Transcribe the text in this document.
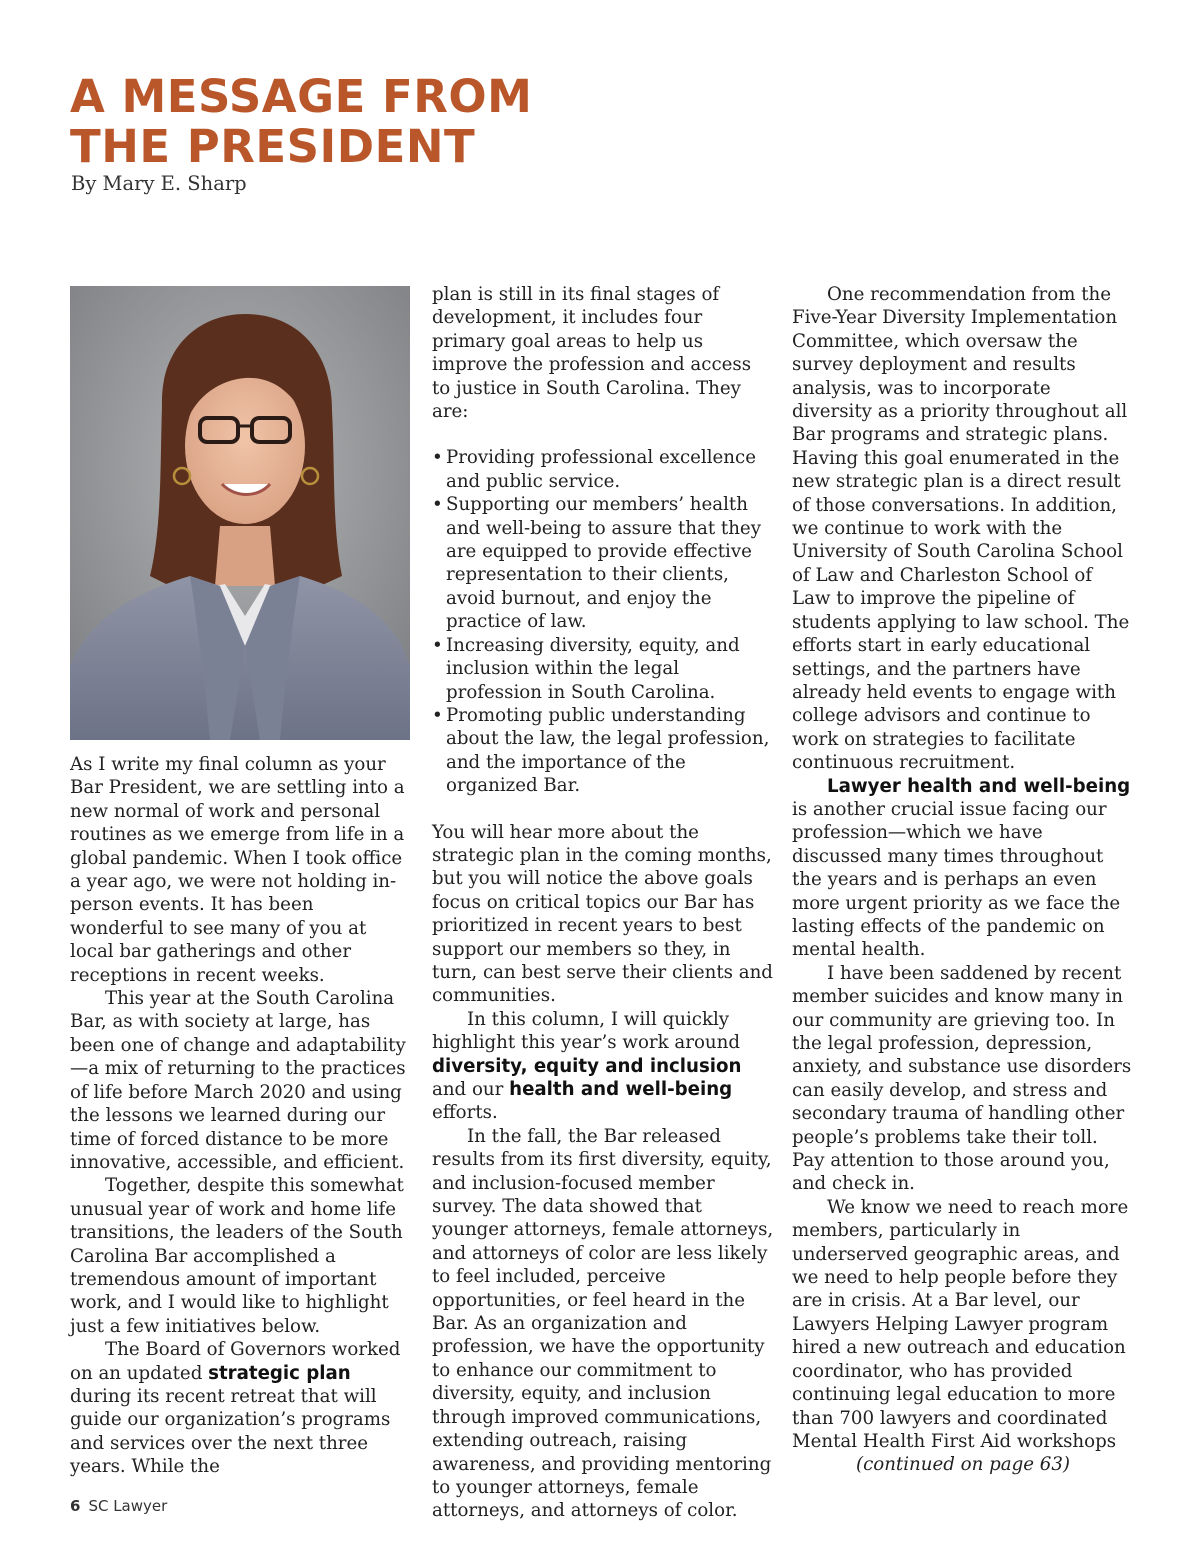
A MESSAGE FROM
THE PRESIDENT

By Mary E. Sharp

As I write my final column as your Bar President, we are settling into a new normal of work and personal routines as we emerge from life in a global pandemic. When I took office a year ago, we were not holding in-person events. It has been wonderful to see many of you at local bar gatherings and other receptions in recent weeks.

This year at the South Carolina Bar, as with society at large, has been one of change and adaptability—a mix of returning to the practices of life before March 2020 and using the lessons we learned during our time of forced distance to be more innovative, accessible, and efficient.

Together, despite this somewhat unusual year of work and home life transitions, the leaders of the South Carolina Bar accomplished a tremendous amount of important work, and I would like to highlight just a few initiatives below.

The Board of Governors worked on an updated strategic plan during its recent retreat that will guide our organization’s programs and services over the next three years. While the

plan is still in its final stages of development, it includes four primary goal areas to help us improve the profession and access to justice in South Carolina. They are:

• Providing professional excellence and public service.
• Supporting our members’ health and well-being to assure that they are equipped to provide effective representation to their clients, avoid burnout, and enjoy the practice of law.
• Increasing diversity, equity, and inclusion within the legal profession in South Carolina.
• Promoting public understanding about the law, the legal profession, and the importance of the organized Bar.

You will hear more about the strategic plan in the coming months, but you will notice the above goals focus on critical topics our Bar has prioritized in recent years to best support our members so they, in turn, can best serve their clients and communities.

In this column, I will quickly highlight this year’s work around diversity, equity and inclusion and our health and well-being efforts.

In the fall, the Bar released results from its first diversity, equity, and inclusion-focused member survey. The data showed that younger attorneys, female attorneys, and attorneys of color are less likely to feel included, perceive opportunities, or feel heard in the Bar. As an organization and profession, we have the opportunity to enhance our commitment to diversity, equity, and inclusion through improved communications, extending outreach, raising awareness, and providing mentoring to younger attorneys, female attorneys, and attorneys of color.

One recommendation from the Five-Year Diversity Implementation Committee, which oversaw the survey deployment and results analysis, was to incorporate diversity as a priority throughout all Bar programs and strategic plans. Having this goal enumerated in the new strategic plan is a direct result of those conversations. In addition, we continue to work with the University of South Carolina School of Law and Charleston School of Law to improve the pipeline of students applying to law school. The efforts start in early educational settings, and the partners have already held events to engage with college advisors and continue to work on strategies to facilitate continuous recruitment.

Lawyer health and well-being is another crucial issue facing our profession—which we have discussed many times throughout the years and is perhaps an even more urgent priority as we face the lasting effects of the pandemic on mental health.

I have been saddened by recent member suicides and know many in our community are grieving too. In the legal profession, depression, anxiety, and substance use disorders can easily develop, and stress and secondary trauma of handling other people’s problems take their toll. Pay attention to those around you, and check in.

We know we need to reach more members, particularly in underserved geographic areas, and we need to help people before they are in crisis. At a Bar level, our Lawyers Helping Lawyer program hired a new outreach and education coordinator, who has provided continuing legal education to more than 700 lawyers and coordinated Mental Health First Aid workshops

(continued on page 63)

6 SC Lawyer
